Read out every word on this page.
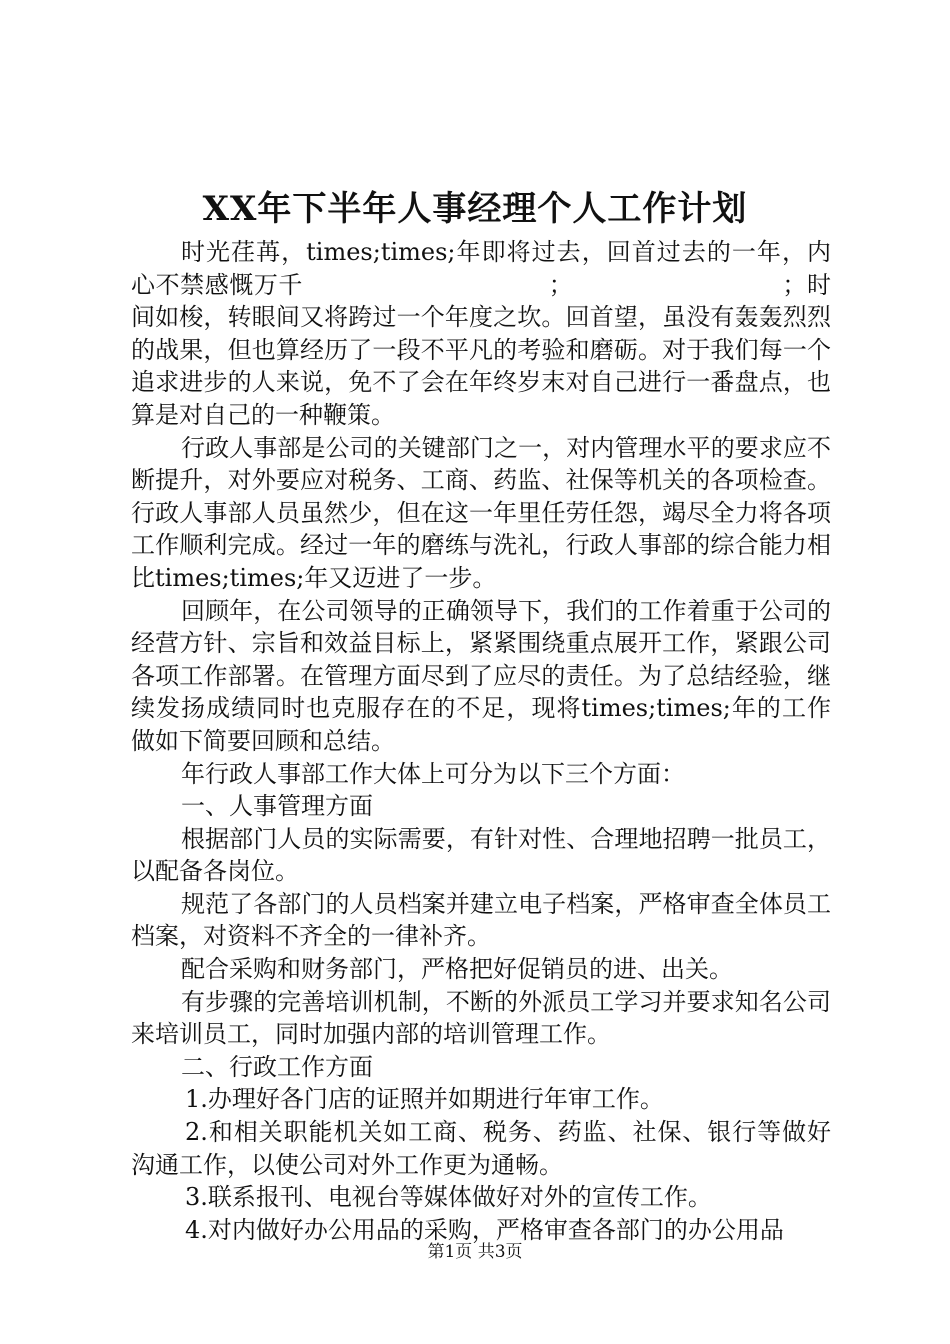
XX年下半年人事经理个人工作计划

时光荏苒，times;times;年即将过去，回首过去的一年，内心不禁感慨万千　　　　　　　　　　；　　　　　　　　　；时间如梭，转眼间又将跨过一个年度之坎。回首望，虽没有轰轰烈烈的战果，但也算经历了一段不平凡的考验和磨砺。对于我们每一个追求进步的人来说，免不了会在年终岁末对自己进行一番盘点，也算是对自己的一种鞭策。

行政人事部是公司的关键部门之一，对内管理水平的要求应不断提升，对外要应对税务、工商、药监、社保等机关的各项检查。行政人事部人员虽然少，但在这一年里任劳任怨，竭尽全力将各项工作顺利完成。经过一年的磨练与洗礼，行政人事部的综合能力相比times;times;年又迈进了一步。

回顾年，在公司领导的正确领导下，我们的工作着重于公司的经营方针、宗旨和效益目标上，紧紧围绕重点展开工作，紧跟公司各项工作部署。在管理方面尽到了应尽的责任。为了总结经验，继续发扬成绩同时也克服存在的不足，现将times;times;年的工作做如下简要回顾和总结。

年行政人事部工作大体上可分为以下三个方面：

一、人事管理方面

根据部门人员的实际需要，有针对性、合理地招聘一批员工，以配备各岗位。

规范了各部门的人员档案并建立电子档案，严格审查全体员工档案，对资料不齐全的一律补齐。

配合采购和财务部门，严格把好促销员的进、出关。

有步骤的完善培训机制，不断的外派员工学习并要求知名公司来培训员工，同时加强内部的培训管理工作。

二、行政工作方面

1.办理好各门店的证照并如期进行年审工作。

2.和相关职能机关如工商、税务、药监、社保、银行等做好沟通工作，以使公司对外工作更为通畅。

3.联系报刊、电视台等媒体做好对外的宣传工作。

4.对内做好办公用品的采购，严格审查各部门的办公用品

第1页 共3页
